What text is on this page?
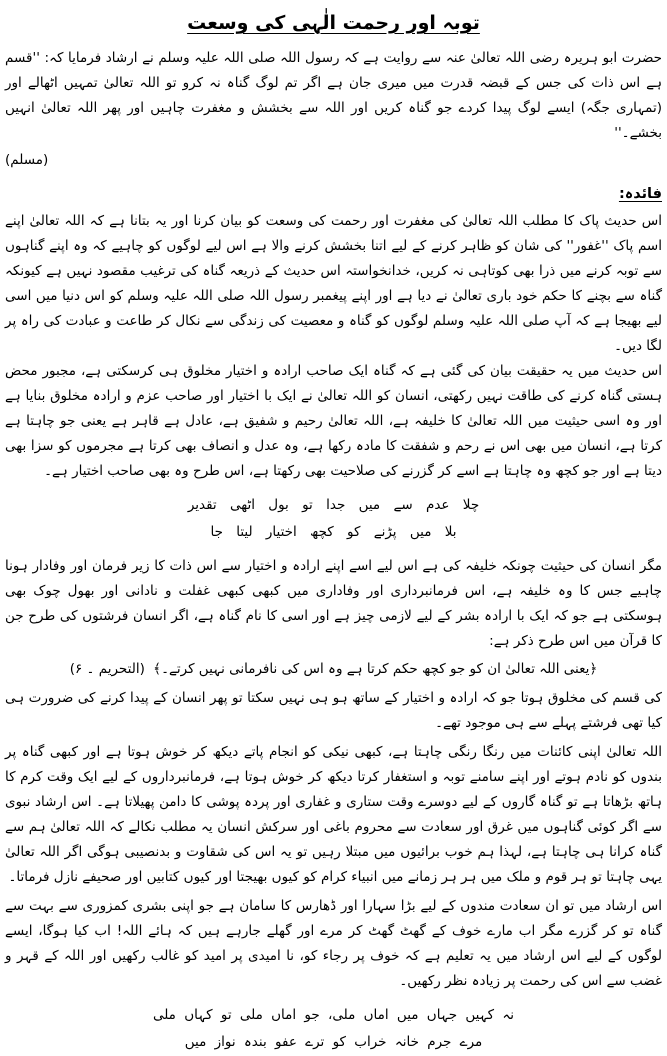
توبہ اور رحمت الٰہی کی وسعت

حضرت ابو ہریرہ رضی اللہ تعالیٰ عنہ سے روایت ہے کہ رسول اللہ صلی اللہ علیہ وسلم نے ارشاد فرمایا کہ: ''قسم ہے اس ذات کی جس کے قبضہ قدرت میں میری جان ہے اگر تم لوگ گناہ نہ کرو تو اللہ تعالیٰ تمہیں اٹھالے اور (تمہاری جگہ) ایسے لوگ پیدا کردے جو گناہ کریں اور اللہ سے بخشش و مغفرت چاہیں اور پھر اللہ تعالیٰ انہیں بخشے۔''

(مسلم)
فائدہ:

اس حدیث پاک کا مطلب اللہ تعالیٰ کی مغفرت اور رحمت کی وسعت کو بیان کرنا اور یہ بتانا ہے کہ اللہ تعالیٰ اپنے اسم پاک ''غفور'' کی شان کو ظاہر کرنے کے لیے اتنا بخشش کرنے والا ہے اس لیے لوگوں کو چاہیے کہ وہ اپنے گناہوں سے توبہ کرنے میں ذرا بھی کوتاہی نہ کریں، خدانخواستہ اس حدیث کے ذریعہ گناہ کی ترغیب مقصود نہیں ہے کیونکہ گناہ سے بچنے کا حکم خود باری تعالیٰ نے دیا ہے اور اپنے پیغمبر رسول اللہ صلی اللہ علیہ وسلم کو اس دنیا میں اسی لیے بھیجا ہے کہ آپ صلی اللہ علیہ وسلم لوگوں کو گناہ و معصیت کی زندگی سے نکال کر طاعت و عبادت کی راہ پر لگا دیں۔

اس حدیث میں یہ حقیقت بیان کی گئی ہے کہ گناہ ایک صاحب ارادہ و اختیار مخلوق ہی کرسکتی ہے، مجبور محض ہستی گناہ کرنے کی طاقت نہیں رکھتی، انسان کو اللہ تعالیٰ نے ایک با اختیار اور صاحب عزم و ارادہ مخلوق بنایا ہے اور وہ اسی حیثیت میں اللہ تعالیٰ کا خلیفہ ہے، اللہ تعالیٰ رحیم و شفیق ہے، عادل ہے قاہر ہے یعنی جو چاہتا ہے کرتا ہے، انسان میں بھی اس نے رحم و شفقت کا مادہ رکھا ہے، وہ عدل و انصاف بھی کرتا ہے مجرموں کو سزا بھی دیتا ہے اور جو کچھ وہ چاہتا ہے اسے کر گزرنے کی صلاحیت بھی رکھتا ہے، اس طرح وہ بھی صاحب اختیار ہے۔

چلا عدم سے میں جدا تو بول اٹھی تقدیر
بلا میں پڑنے کو کچھ اختیار لیتا جا

مگر انسان کی حیثیت چونکہ خلیفہ کی ہے اس لیے اسے اپنے ارادہ و اختیار سے اس ذات کا زیر فرمان اور وفادار ہونا چاہیے جس کا وہ خلیفہ ہے، اس فرمانبرداری اور وفاداری میں کبھی کبھی غفلت و نادانی اور بھول چوک بھی ہوسکتی ہے جو کہ ایک با ارادہ بشر کے لیے لازمی چیز ہے اور اسی کا نام گناہ ہے، اگر انسان فرشتوں کی طرح جن کا قرآن میں اس طرح ذکر ہے:

﴿یعنی اللہ تعالیٰ ان کو جو کچھ حکم کرتا ہے وہ اس کی نافرمانی نہیں کرتے۔﴾ (التحریم ۔ ۶)

کی قسم کی مخلوق ہوتا جو کہ ارادہ و اختیار کے ساتھ ہو ہی نہیں سکتا تو پھر انسان کے پیدا کرنے کی ضرورت ہی کیا تھی فرشتے پہلے سے ہی موجود تھے۔

اللہ تعالیٰ اپنی کائنات میں رنگا رنگی چاہتا ہے، کبھی نیکی کو انجام پاتے دیکھ کر خوش ہوتا ہے اور کبھی گناہ پر بندوں کو نادم ہوتے اور اپنے سامنے توبہ و استغفار کرتا دیکھ کر خوش ہوتا ہے، فرمانبرداروں کے لیے ایک وقت کرم کا ہاتھ بڑھاتا ہے تو گناہ گاروں کے لیے دوسرے وقت ستاری و غفاری اور پردہ پوشی کا دامن پھیلاتا ہے۔ اس ارشاد نبوی سے اگر کوئی گناہوں میں غرق اور سعادت سے محروم باغی اور سرکش انسان یہ مطلب نکالے کہ اللہ تعالیٰ ہم سے گناہ کرانا ہی چاہتا ہے، لہذا ہم خوب برائیوں میں مبتلا رہیں تو یہ اس کی شقاوت و بدنصیبی ہوگی اگر اللہ تعالیٰ یہی چاہتا تو ہر قوم و ملک میں ہر ہر زمانے میں انبیاء کرام کو کیوں بھیجتا اور کیوں کتابیں اور صحیفے نازل فرماتا۔

اس ارشاد میں تو ان سعادت مندوں کے لیے بڑا سہارا اور ڈھارس کا سامان ہے جو اپنی بشری کمزوری سے بہت سے گناہ تو کر گزرے مگر اب مارے خوف کے گھٹ گھٹ کر مرے اور گھلے جارہے ہیں کہ ہائے اللہ! اب کیا ہوگا، ایسے لوگوں کے لیے اس ارشاد میں یہ تعلیم ہے کہ خوف پر رجاء کو، نا امیدی پر امید کو غالب رکھیں اور اللہ کے قہر و غضب سے اس کی رحمت پر زیادہ نظر رکھیں۔

نہ کہیں جہاں میں اماں ملی، جو اماں ملی تو کہاں ملی
مرے جرم خانہ خراب کو ترے عفو بندہ نواز میں
